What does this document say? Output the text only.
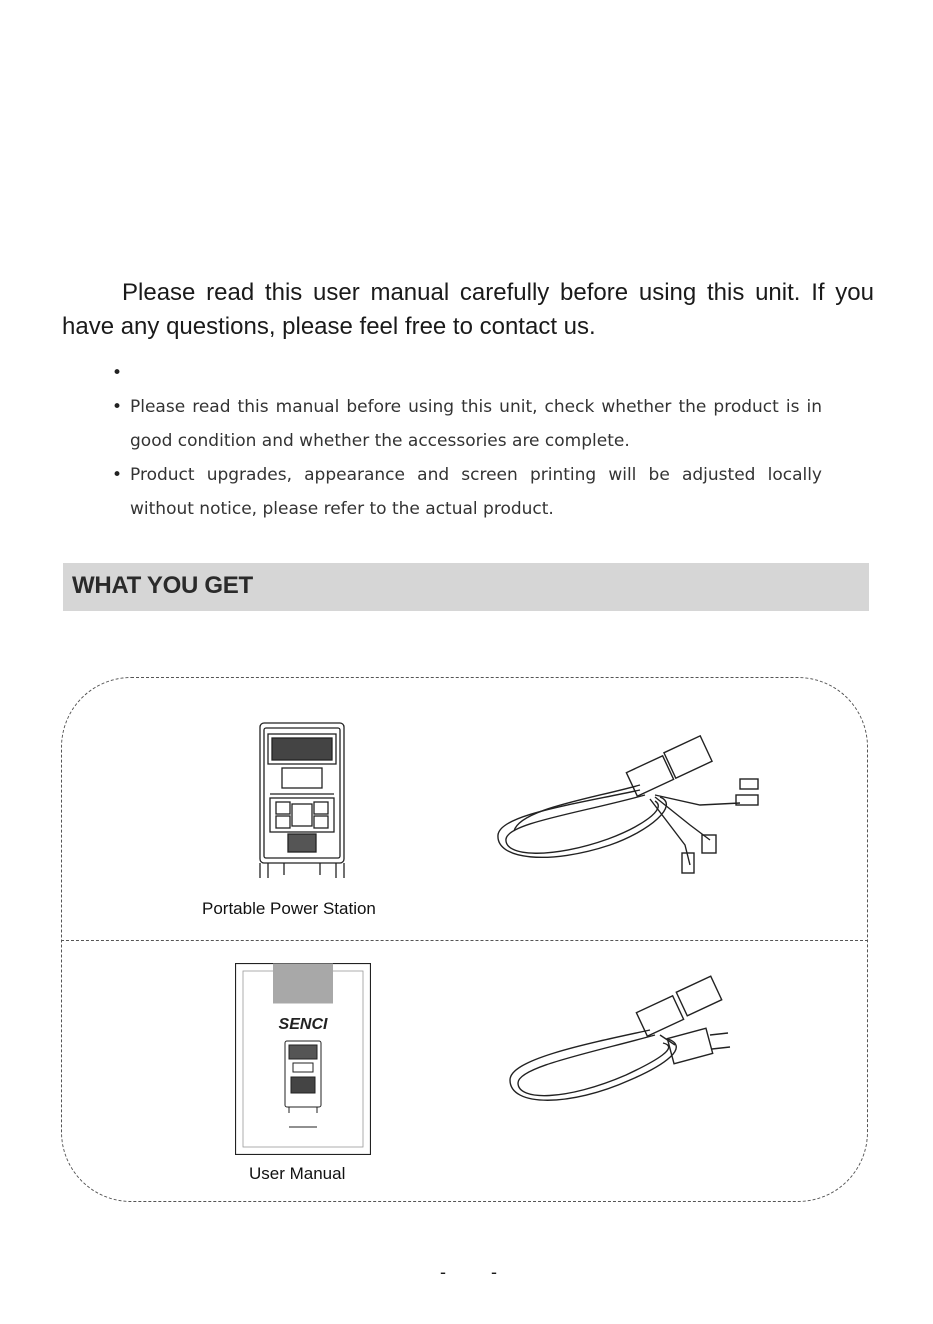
Please read this user manual carefully before using this unit. If you have any questions, please feel free to contact us.

•
• Please read this manual before using this unit, check whether the product is in good condition and whether the accessories are complete.
• Product upgrades, appearance and screen printing will be adjusted locally without notice, please refer to the actual product.
WHAT YOU GET
Portable Power Station
SENCI
User Manual
- -
